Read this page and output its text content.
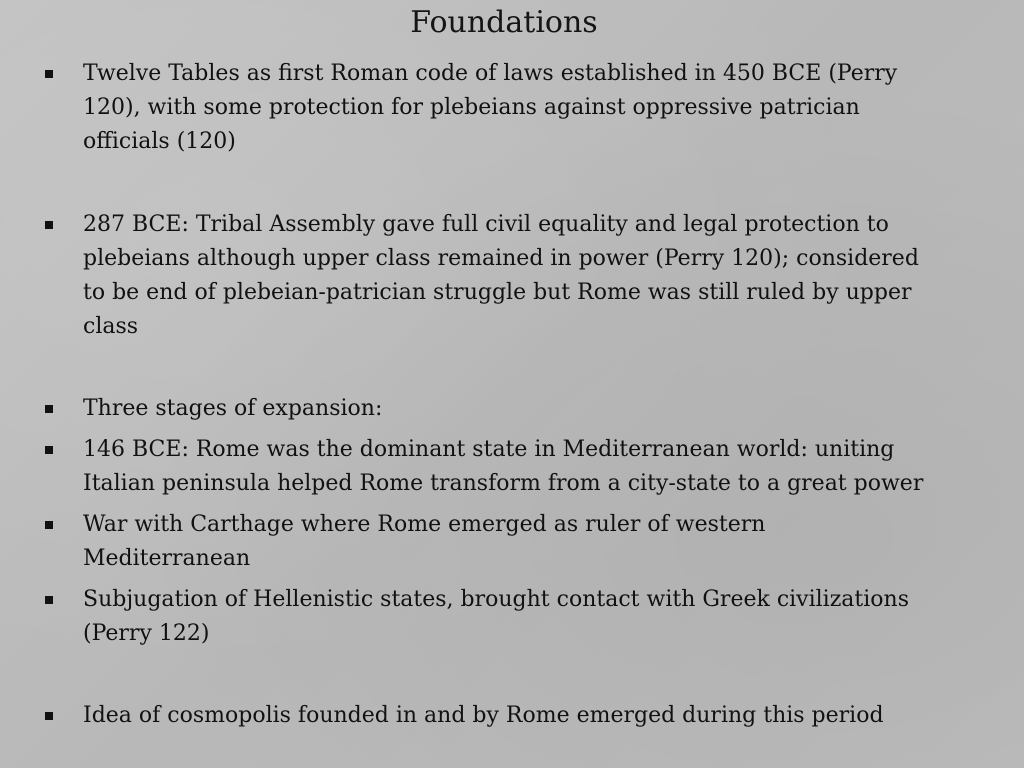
Foundations
Twelve Tables as first Roman code of laws established in 450 BCE (Perry
120), with some protection for plebeians against oppressive patrician
officials (120)
287 BCE: Tribal Assembly gave full civil equality and legal protection to
plebeians although upper class remained in power (Perry 120); considered
to be end of plebeian-patrician struggle but Rome was still ruled by upper
class
Three stages of expansion:
146 BCE: Rome was the dominant state in Mediterranean world: uniting
Italian peninsula helped Rome transform from a city-state to a great power
War with Carthage where Rome emerged as ruler of western
Mediterranean
Subjugation of Hellenistic states, brought contact with Greek civilizations
(Perry 122)
Idea of cosmopolis founded in and by Rome emerged during this period
